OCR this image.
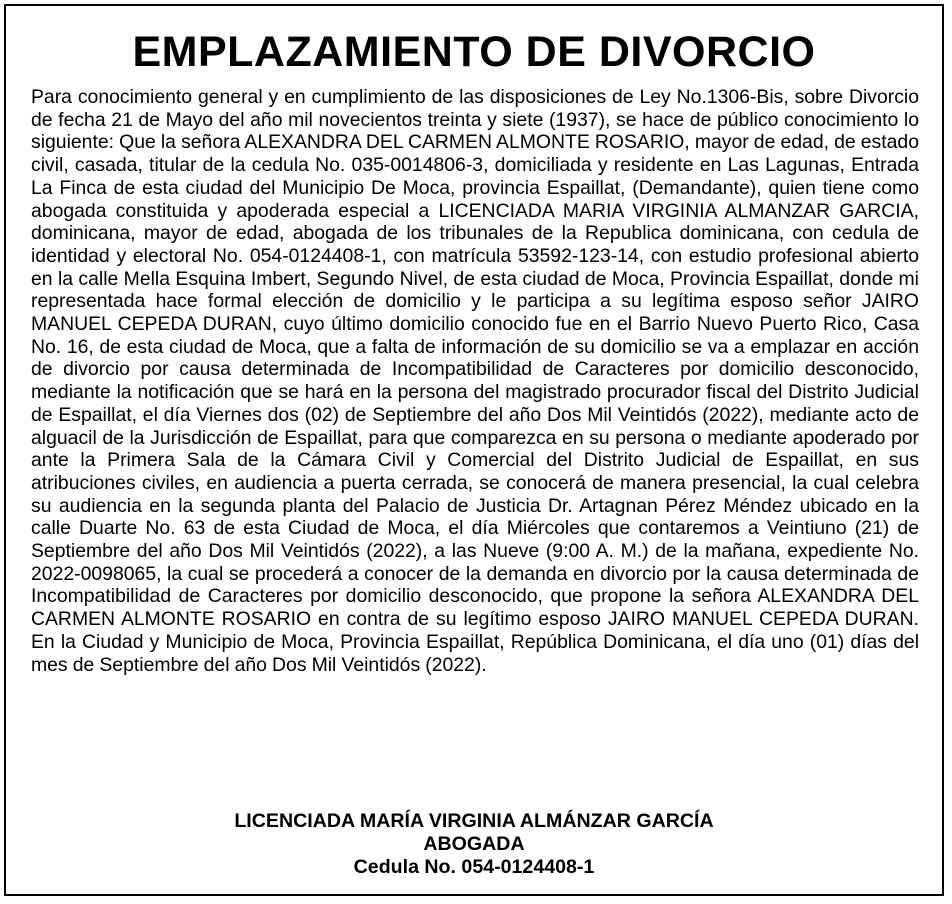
EMPLAZAMIENTO DE DIVORCIO

Para conocimiento general y en cumplimiento de las disposiciones de Ley No.1306-Bis, sobre Divorcio de fecha 21 de Mayo del año mil novecientos treinta y siete (1937), se hace de público conocimiento lo siguiente: Que la señora ALEXANDRA DEL CARMEN ALMONTE ROSARIO, mayor de edad, de estado civil, casada, titular de la cedula No. 035-0014806-3, domiciliada y residente en Las Lagunas, Entrada La Finca de esta ciudad del Municipio De Moca, provincia Espaillat, (Demandante), quien tiene como abogada constituida y apoderada especial a LICENCIADA MARIA VIRGINIA ALMANZAR GARCIA, dominicana, mayor de edad, abogada de los tribunales de la Republica dominicana, con cedula de identidad y electoral No. 054-0124408-1, con matrícula 53592-123-14, con estudio profesional abierto en la calle Mella Esquina Imbert, Segundo Nivel, de esta ciudad de Moca, Provincia Espaillat, donde mi representada hace formal elección de domicilio y le participa a su legítima esposo señor JAIRO MANUEL CEPEDA DURAN, cuyo último domicilio conocido fue en el Barrio Nuevo Puerto Rico, Casa No. 16, de esta ciudad de Moca, que a falta de información de su domicilio se va a emplazar en acción de divorcio por causa determinada de Incompatibilidad de Caracteres por domicilio desconocido, mediante la notificación que se hará en la persona del magistrado procurador fiscal del Distrito Judicial de Espaillat, el día Viernes dos (02) de Septiembre del año Dos Mil Veintidós (2022), mediante acto de alguacil de la Jurisdicción de Espaillat, para que comparezca en su persona o mediante apoderado por ante la Primera Sala de la Cámara Civil y Comercial del Distrito Judicial de Espaillat, en sus atribuciones civiles, en audiencia a puerta cerrada, se conocerá de manera presencial, la cual celebra su audiencia en la segunda planta del Palacio de Justicia Dr. Artagnan Pérez Méndez ubicado en la calle Duarte No. 63 de esta Ciudad de Moca, el día Miércoles que contaremos a Veintiuno (21) de Septiembre del año Dos Mil Veintidós (2022), a las Nueve (9:00 A. M.) de la mañana, expediente No. 2022-0098065, la cual se procederá a conocer de la demanda en divorcio por la causa determinada de Incompatibilidad de Caracteres por domicilio desconocido, que propone la señora ALEXANDRA DEL CARMEN ALMONTE ROSARIO en contra de su legítimo esposo JAIRO MANUEL CEPEDA DURAN. En la Ciudad y Municipio de Moca, Provincia Espaillat, República Dominicana, el día uno (01) días del mes de Septiembre del año Dos Mil Veintidós (2022).

LICENCIADA MARÍA VIRGINIA ALMÁNZAR GARCÍA
ABOGADA
Cedula No. 054-0124408-1
